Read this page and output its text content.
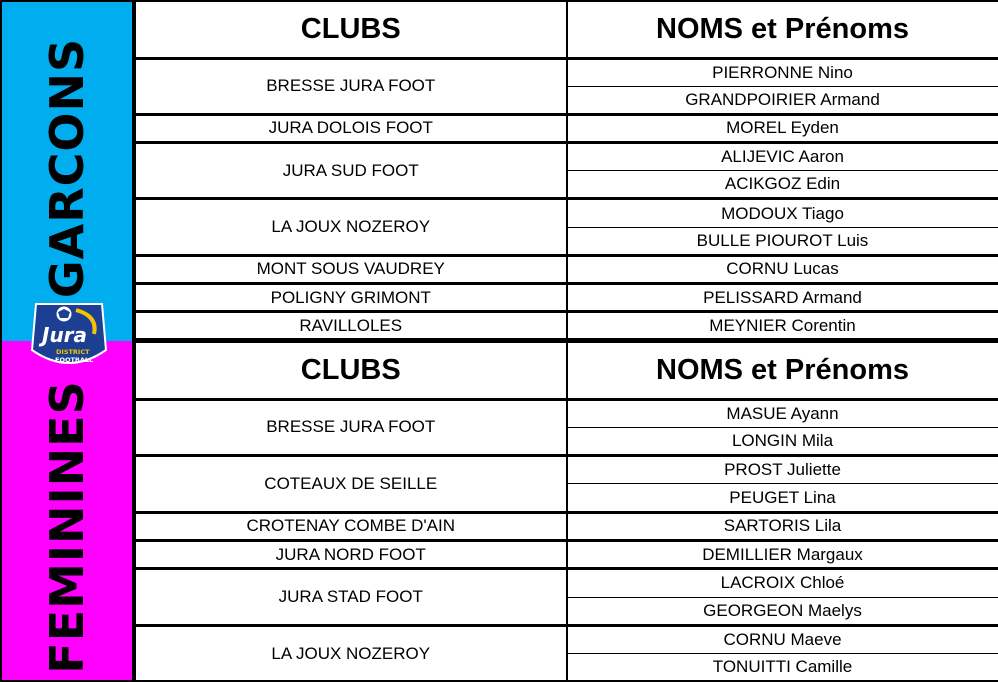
GARCONS
FEMININES
Jura
DISTRICT
FOOTBALL
CLUBS	NOMS et Prénoms
BRESSE JURA FOOT	PIERRONNE Nino
	GRANDPOIRIER Armand
JURA DOLOIS FOOT	MOREL Eyden
JURA SUD FOOT	ALIJEVIC Aaron
	ACIKGOZ Edin
LA JOUX NOZEROY	MODOUX Tiago
	BULLE PIOUROT Luis
MONT SOUS VAUDREY	CORNU Lucas
POLIGNY GRIMONT	PELISSARD Armand
RAVILLOLES	MEYNIER Corentin
CLUBS	NOMS et Prénoms
BRESSE JURA FOOT	MASUE Ayann
	LONGIN Mila
COTEAUX DE SEILLE	PROST Juliette
	PEUGET Lina
CROTENAY COMBE D'AIN	SARTORIS Lila
JURA NORD FOOT	DEMILLIER Margaux
JURA STAD FOOT	LACROIX Chloé
	GEORGEON Maelys
LA JOUX NOZEROY	CORNU Maeve
	TONUITTI Camille
